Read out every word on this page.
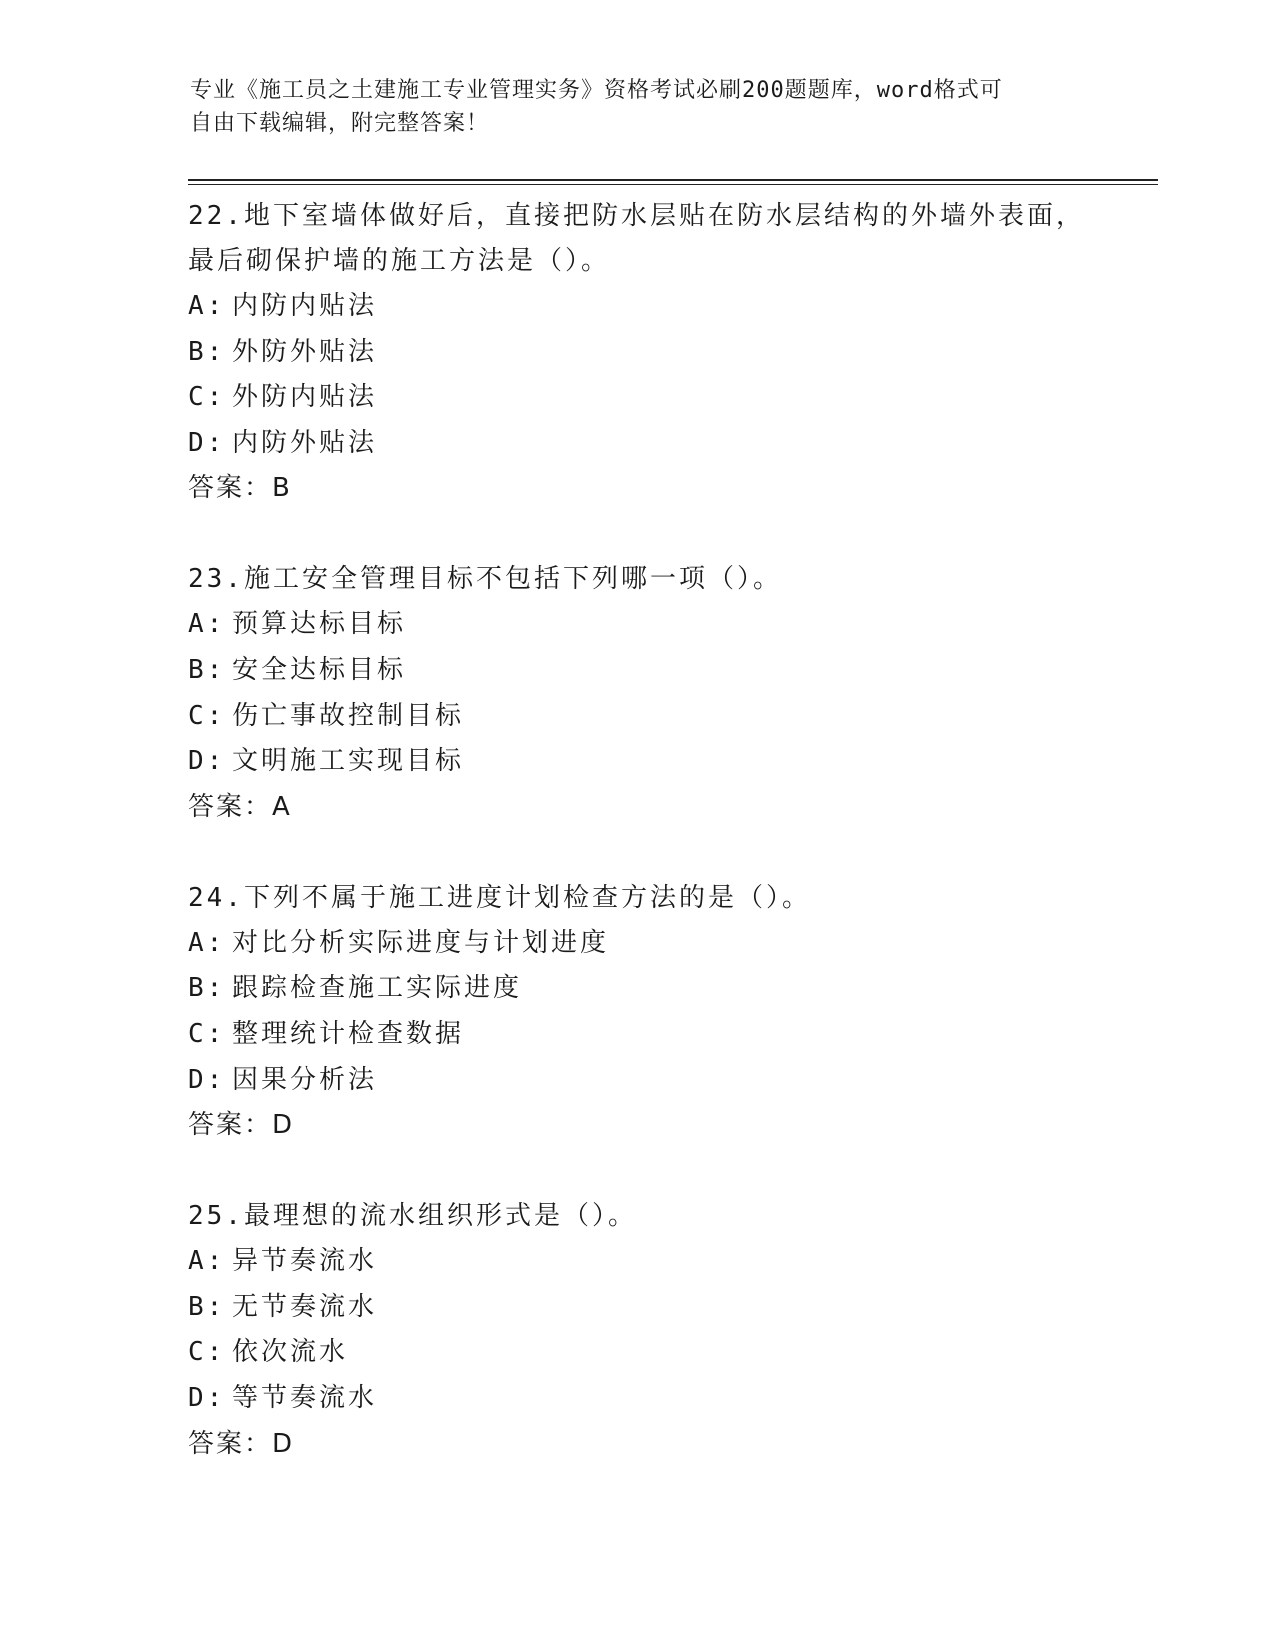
专业《施工员之土建施工专业管理实务》资格考试必刷200题题库，word格式可
自由下载编辑，附完整答案！
22.地下室墙体做好后，直接把防水层贴在防水层结构的外墙外表面，
最后砌保护墙的施工方法是（）。
A: 内防内贴法
B: 外防外贴法
C: 外防内贴法
D: 内防外贴法
答案：B
23.施工安全管理目标不包括下列哪一项（）。
A: 预算达标目标
B: 安全达标目标
C: 伤亡事故控制目标
D: 文明施工实现目标
答案：A
24.下列不属于施工进度计划检查方法的是（）。
A: 对比分析实际进度与计划进度
B: 跟踪检查施工实际进度
C: 整理统计检查数据
D: 因果分析法
答案：D
25.最理想的流水组织形式是（）。
A: 异节奏流水
B: 无节奏流水
C: 依次流水
D: 等节奏流水
答案：D
